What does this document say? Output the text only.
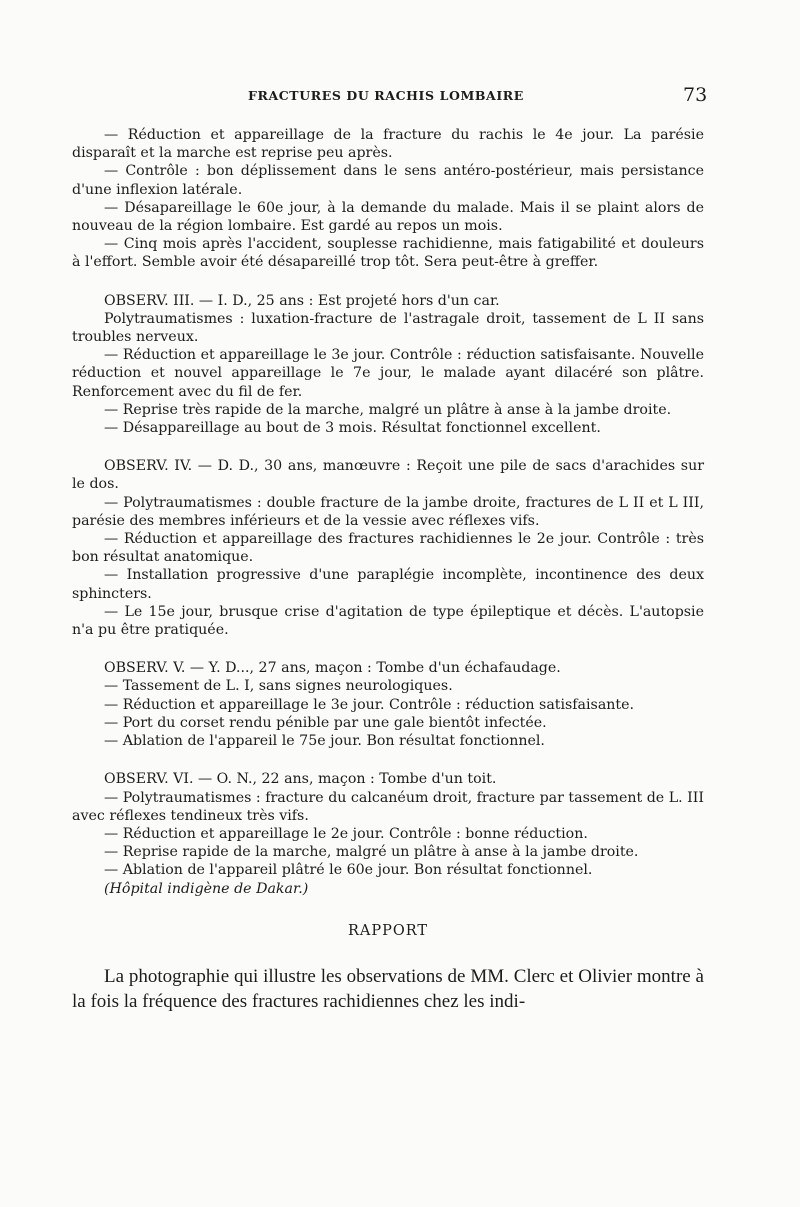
FRACTURES DU RACHIS LOMBAIRE	73

— Réduction et appareillage de la fracture du rachis le 4e jour. La parésie disparaît et la marche est reprise peu après.

— Contrôle : bon déplissement dans le sens antéro-postérieur, mais persistance d'une inflexion latérale.

— Désapareillage le 60e jour, à la demande du malade. Mais il se plaint alors de nouveau de la région lombaire. Est gardé au repos un mois.

— Cinq mois après l'accident, souplesse rachidienne, mais fatigabilité et douleurs à l'effort. Semble avoir été désapareillé trop tôt. Sera peut-être à greffer.

OBSERV. III. — I. D., 25 ans : Est projeté hors d'un car.

Polytraumatismes : luxation-fracture de l'astragale droit, tassement de L II sans troubles nerveux.

— Réduction et appareillage le 3e jour. Contrôle : réduction satisfaisante. Nouvelle réduction et nouvel appareillage le 7e jour, le malade ayant dilacéré son plâtre. Renforcement avec du fil de fer.

— Reprise très rapide de la marche, malgré un plâtre à anse à la jambe droite.

— Désappareillage au bout de 3 mois. Résultat fonctionnel excellent.

OBSERV. IV. — D. D., 30 ans, manœuvre : Reçoit une pile de sacs d'arachides sur le dos.

— Polytraumatismes : double fracture de la jambe droite, fractures de L II et L III, parésie des membres inférieurs et de la vessie avec réflexes vifs.

— Réduction et appareillage des fractures rachidiennes le 2e jour. Contrôle : très bon résultat anatomique.

— Installation progressive d'une paraplégie incomplète, incontinence des deux sphincters.

— Le 15e jour, brusque crise d'agitation de type épileptique et décès. L'autopsie n'a pu être pratiquée.

OBSERV. V. — Y. D..., 27 ans, maçon : Tombe d'un échafaudage.

— Tassement de L. I, sans signes neurologiques.

— Réduction et appareillage le 3e jour. Contrôle : réduction satisfaisante.

— Port du corset rendu pénible par une gale bientôt infectée.

— Ablation de l'appareil le 75e jour. Bon résultat fonctionnel.

OBSERV. VI. — O. N., 22 ans, maçon : Tombe d'un toit.

— Polytraumatismes : fracture du calcanéum droit, fracture par tassement de L. III avec réflexes tendineux très vifs.

— Réduction et appareillage le 2e jour. Contrôle : bonne réduction.

— Reprise rapide de la marche, malgré un plâtre à anse à la jambe droite.

— Ablation de l'appareil plâtré le 60e jour. Bon résultat fonctionnel.

(Hôpital indigène de Dakar.)

RAPPORT

La photographie qui illustre les observations de MM. Clerc et Olivier montre à la fois la fréquence des fractures rachidiennes chez les indi-
